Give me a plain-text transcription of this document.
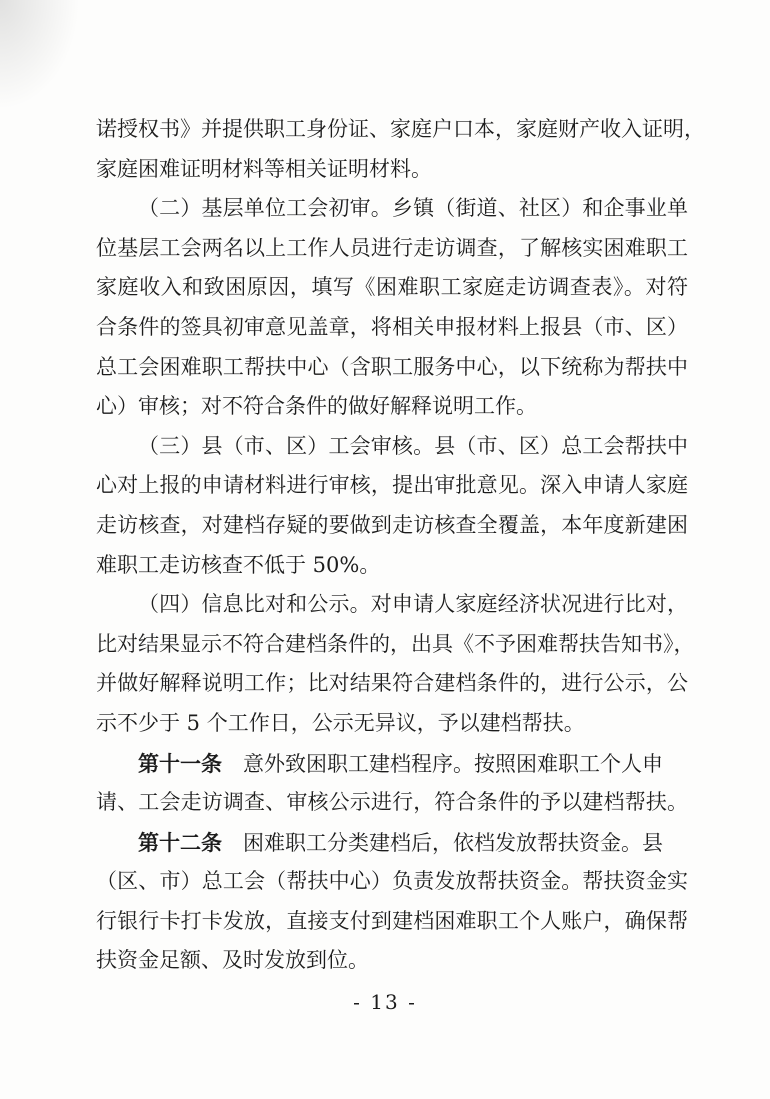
诺授权书》并提供职工身份证、家庭户口本，家庭财产收入证明，
家庭困难证明材料等相关证明材料。
（二）基层单位工会初审。乡镇（街道、社区）和企事业单
位基层工会两名以上工作人员进行走访调查，了解核实困难职工
家庭收入和致困原因，填写《困难职工家庭走访调查表》。对符
合条件的签具初审意见盖章，将相关申报材料上报县（市、区）
总工会困难职工帮扶中心（含职工服务中心，以下统称为帮扶中
心）审核；对不符合条件的做好解释说明工作。
（三）县（市、区）工会审核。县（市、区）总工会帮扶中
心对上报的申请材料进行审核，提出审批意见。深入申请人家庭
走访核查，对建档存疑的要做到走访核查全覆盖，本年度新建困
难职工走访核查不低于 50%。
（四）信息比对和公示。对申请人家庭经济状况进行比对，
比对结果显示不符合建档条件的，出具《不予困难帮扶告知书》，
并做好解释说明工作；比对结果符合建档条件的，进行公示，公
示不少于 5 个工作日，公示无异议，予以建档帮扶。
第十一条 意外致困职工建档程序。按照困难职工个人申
请、工会走访调查、审核公示进行，符合条件的予以建档帮扶。
第十二条 困难职工分类建档后，依档发放帮扶资金。县
（区、市）总工会（帮扶中心）负责发放帮扶资金。帮扶资金实
行银行卡打卡发放，直接支付到建档困难职工个人账户，确保帮
扶资金足额、及时发放到位。
- 13 -
